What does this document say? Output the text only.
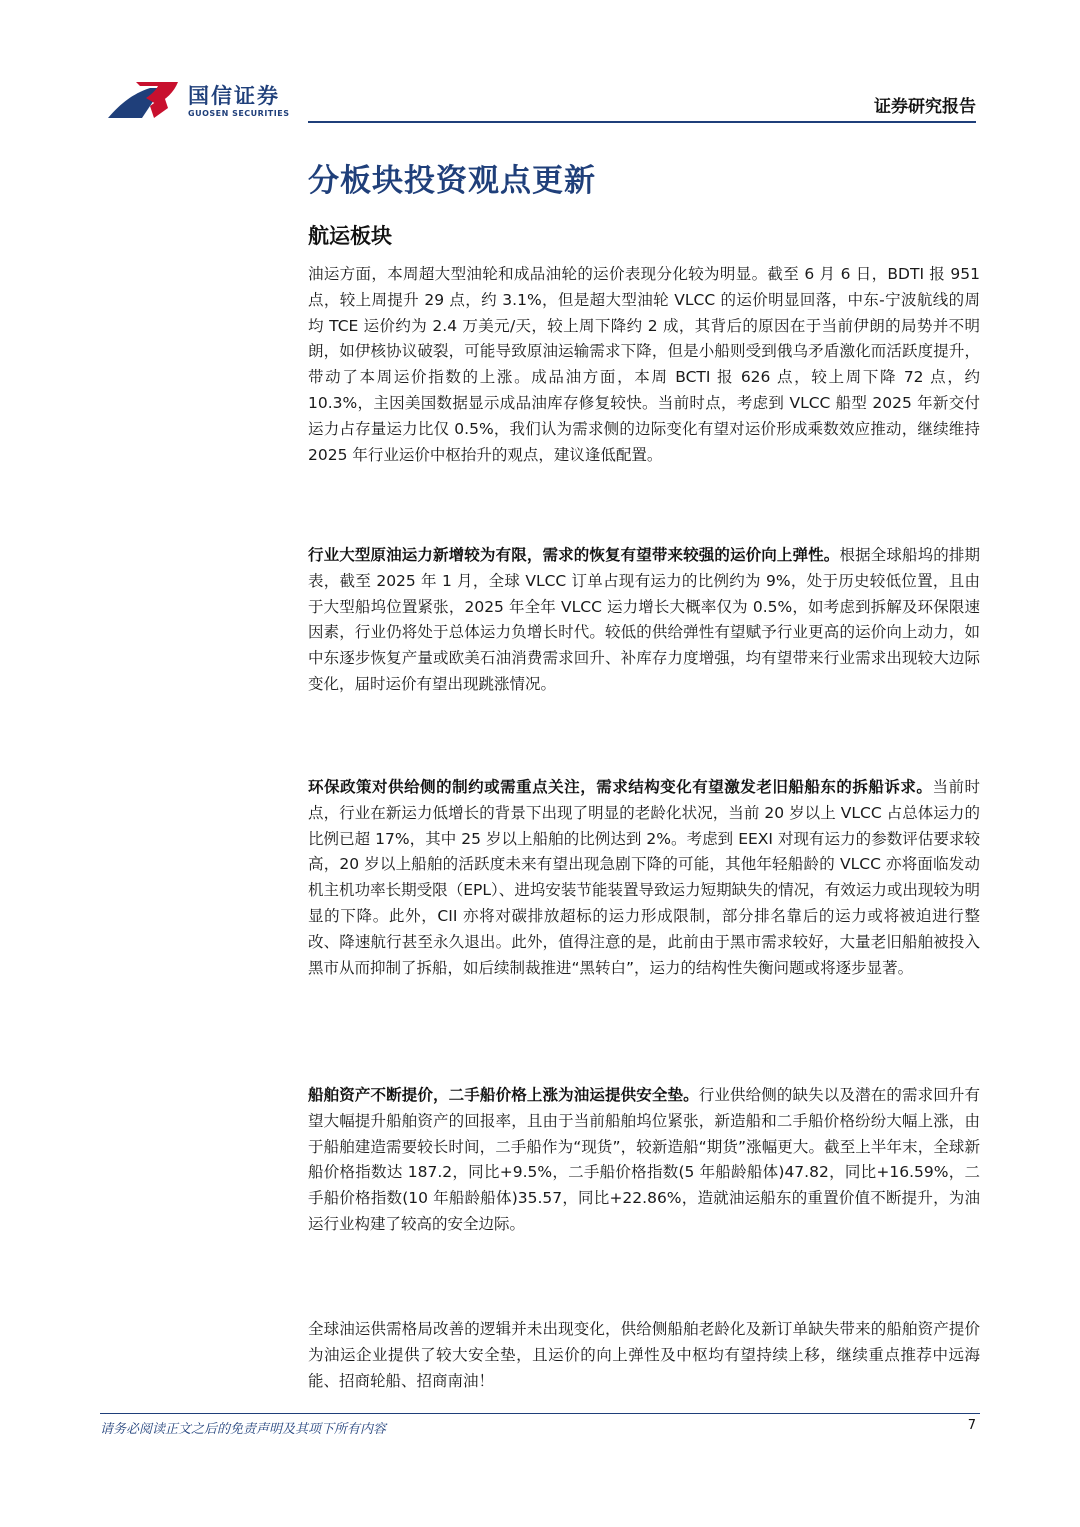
国信证券
GUOSEN SECURITIES	证券研究报告
分板块投资观点更新
航运板块

油运方面，本周超大型油轮和成品油轮的运价表现分化较为明显。截至 6 月 6 日，BDTI 报 951 点，较上周提升 29 点，约 3.1%，但是超大型油轮 VLCC 的运价明显回落，中东-宁波航线的周均 TCE 运价约为 2.4 万美元/天，较上周下降约 2 成，其背后的原因在于当前伊朗的局势并不明朗，如伊核协议破裂，可能导致原油运输需求下降，但是小船则受到俄乌矛盾激化而活跃度提升，带动了本周运价指数的上涨。成品油方面，本周 BCTI 报 626 点，较上周下降 72 点，约 10.3%，主因美国数据显示成品油库存修复较快。当前时点，考虑到 VLCC 船型 2025 年新交付运力占存量运力比仅 0.5%，我们认为需求侧的边际变化有望对运价形成乘数效应推动，继续维持 2025 年行业运价中枢抬升的观点，建议逢低配置。

行业大型原油运力新增较为有限，需求的恢复有望带来较强的运价向上弹性。根据全球船坞的排期表，截至 2025 年 1 月，全球 VLCC 订单占现有运力的比例约为 9%，处于历史较低位置，且由于大型船坞位置紧张，2025 年全年 VLCC 运力增长大概率仅为 0.5%，如考虑到拆解及环保限速因素，行业仍将处于总体运力负增长时代。较低的供给弹性有望赋予行业更高的运价向上动力，如中东逐步恢复产量或欧美石油消费需求回升、补库存力度增强，均有望带来行业需求出现较大边际变化，届时运价有望出现跳涨情况。

环保政策对供给侧的制约或需重点关注，需求结构变化有望激发老旧船船东的拆船诉求。当前时点，行业在新运力低增长的背景下出现了明显的老龄化状况，当前 20 岁以上 VLCC 占总体运力的比例已超 17%，其中 25 岁以上船舶的比例达到 2%。考虑到 EEXI 对现有运力的参数评估要求较高，20 岁以上船舶的活跃度未来有望出现急剧下降的可能，其他年轻船龄的 VLCC 亦将面临发动机主机功率长期受限（EPL）、进坞安装节能装置导致运力短期缺失的情况，有效运力或出现较为明显的下降。此外，CII 亦将对碳排放超标的运力形成限制，部分排名靠后的运力或将被迫进行整改、降速航行甚至永久退出。此外，值得注意的是，此前由于黑市需求较好，大量老旧船舶被投入黑市从而抑制了拆船，如后续制裁推进“黑转白”，运力的结构性失衡问题或将逐步显著。

船舶资产不断提价，二手船价格上涨为油运提供安全垫。行业供给侧的缺失以及潜在的需求回升有望大幅提升船舶资产的回报率，且由于当前船舶坞位紧张，新造船和二手船价格纷纷大幅上涨，由于船舶建造需要较长时间，二手船作为“现货”，较新造船“期货”涨幅更大。截至上半年末，全球新船价格指数达 187.2，同比+9.5%，二手船价格指数(5 年船龄船体)47.82，同比+16.59%，二手船价格指数(10 年船龄船体)35.57，同比+22.86%，造就油运船东的重置价值不断提升，为油运行业构建了较高的安全边际。

全球油运供需格局改善的逻辑并未出现变化，供给侧船舶老龄化及新订单缺失带来的船舶资产提价为油运企业提供了较大安全垫，且运价的向上弹性及中枢均有望持续上移，继续重点推荐中远海能、招商轮船、招商南油！

请务必阅读正文之后的免责声明及其项下所有内容	7
